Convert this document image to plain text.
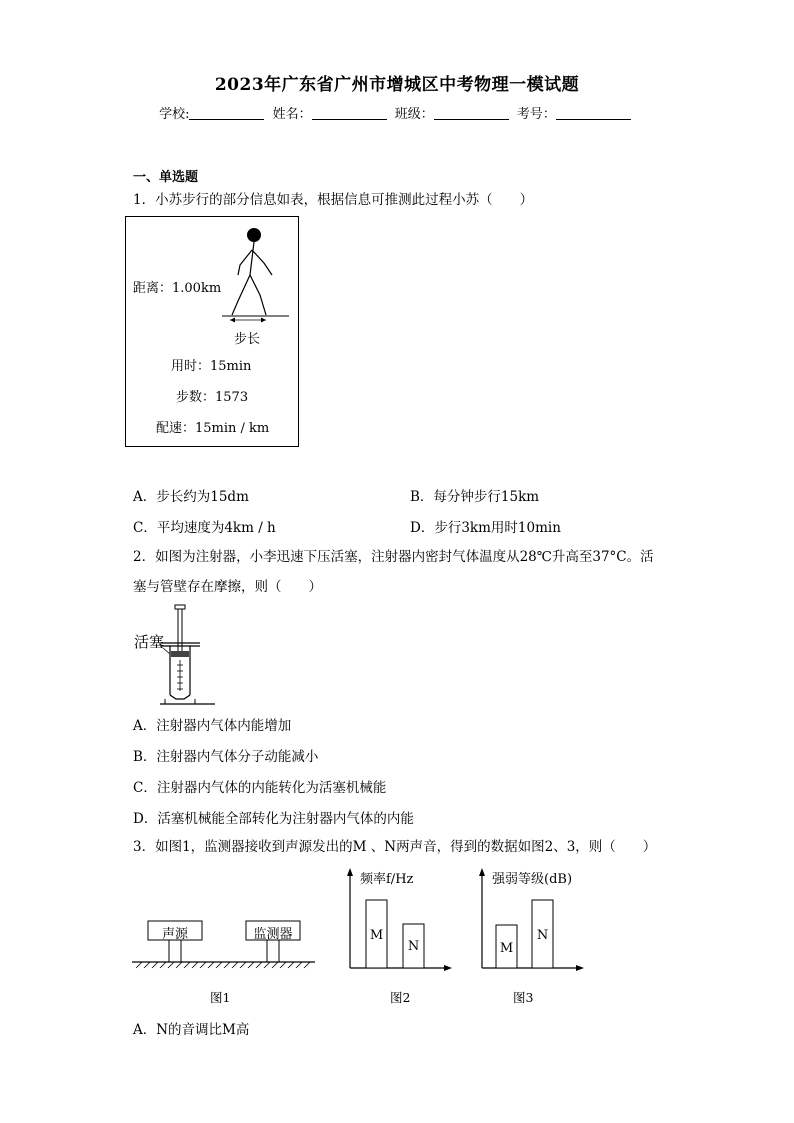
2023年广东省广州市增城区中考物理一模试题
学校:	姓名：	班级：	考号：
一、单选题
1．小苏步行的部分信息如表，根据信息可推测此过程小苏（　　）
距离：1.00km
步长
用时：15min
步数：1573
配速：15min / km
A．步长约为15dm	B．每分钟步行15km
C．平均速度为4km / h	D．步行3km用时10min
2．如图为注射器，小李迅速下压活塞，注射器内密封气体温度从28℃升高至37°C。活
塞与管壁存在摩擦，则（　　）
活塞
A．注射器内气体内能增加
B．注射器内气体分子动能减小
C．注射器内气体的内能转化为活塞机械能
D．活塞机械能全部转化为注射器内气体的内能
3．如图1，监测器接收到声源发出的M 、N两声音，得到的数据如图2、3，则（　　）
声源	监测器
图1
频率f/Hz
M
N
图2
强弱等级(dB)
M
N
图3
A．N的音调比M高
